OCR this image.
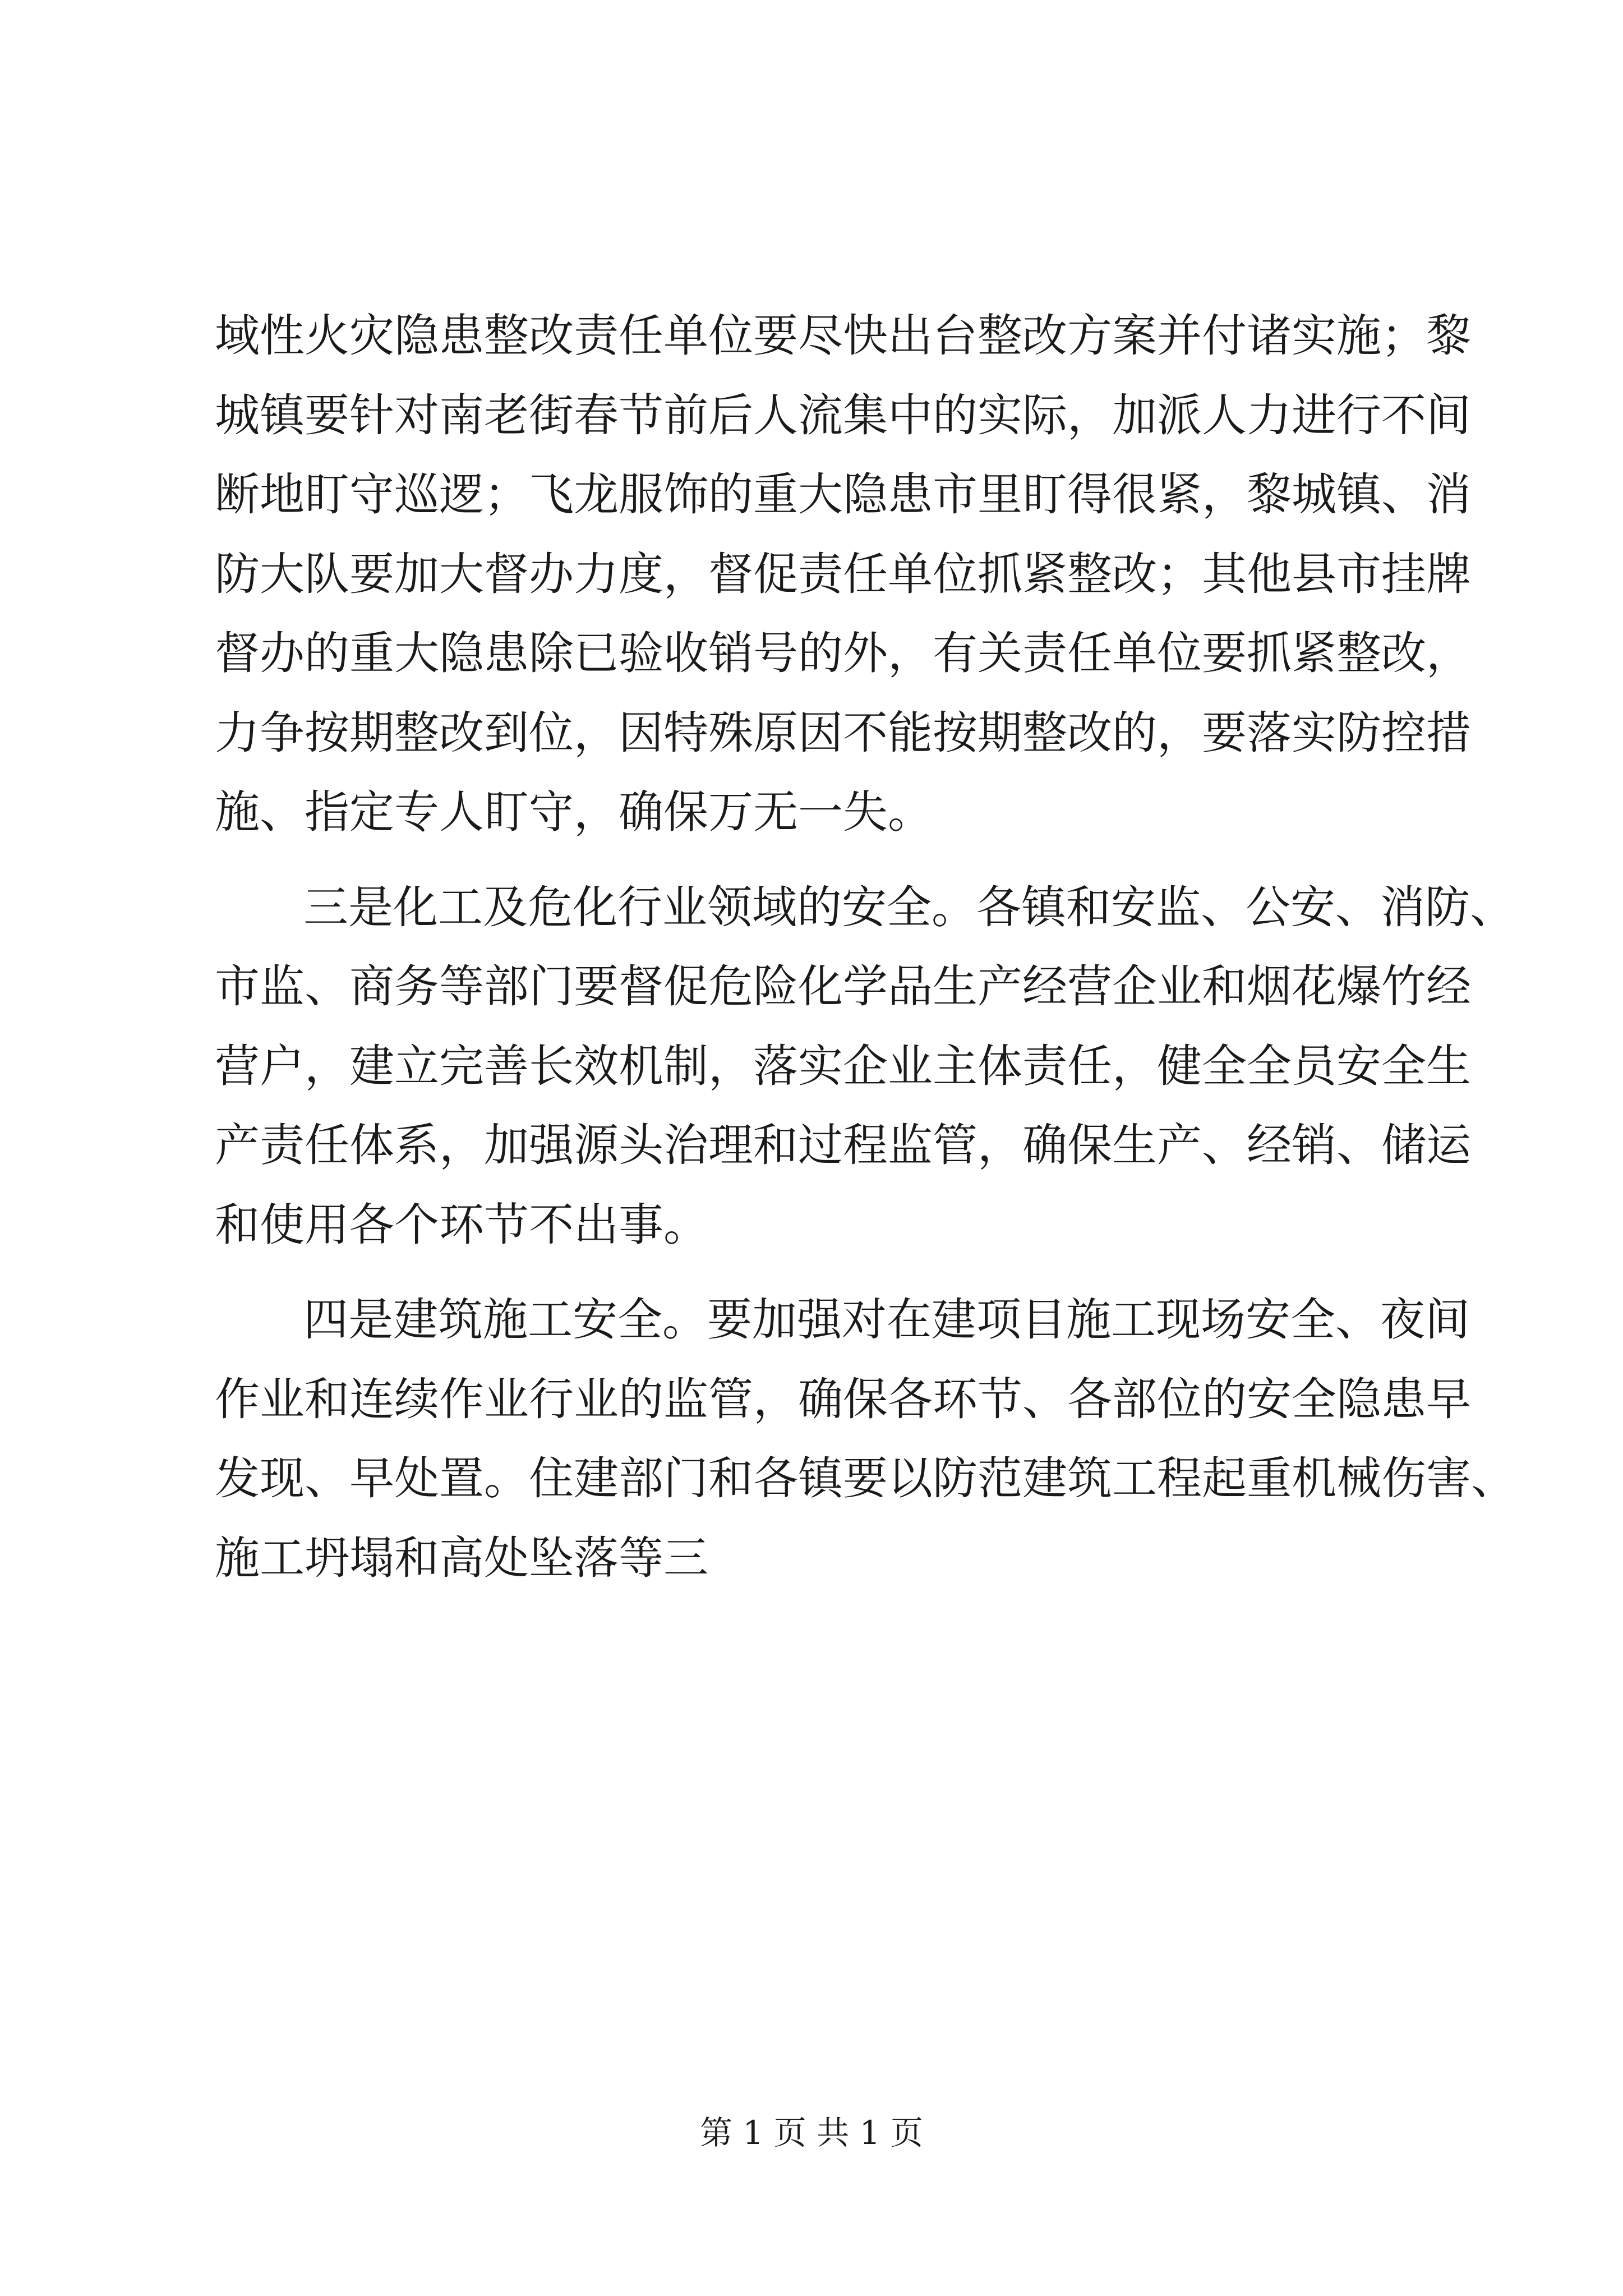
域性火灾隐患整改责任单位要尽快出台整改方案并付诸实施；黎
城镇要针对南老街春节前后人流集中的实际，加派人力进行不间
断地盯守巡逻；飞龙服饰的重大隐患市里盯得很紧，黎城镇、消
防大队要加大督办力度，督促责任单位抓紧整改；其他县市挂牌
督办的重大隐患除已验收销号的外，有关责任单位要抓紧整改，
力争按期整改到位，因特殊原因不能按期整改的，要落实防控措
施、指定专人盯守，确保万无一失。
三是化工及危化行业领域的安全。各镇和安监、公安、消防、
市监、商务等部门要督促危险化学品生产经营企业和烟花爆竹经
营户，建立完善长效机制，落实企业主体责任，健全全员安全生
产责任体系，加强源头治理和过程监管，确保生产、经销、储运
和使用各个环节不出事。
四是建筑施工安全。要加强对在建项目施工现场安全、夜间
作业和连续作业行业的监管，确保各环节、各部位的安全隐患早
发现、早处置。住建部门和各镇要以防范建筑工程起重机械伤害、
施工坍塌和高处坠落等三
第 1 页 共 1 页
